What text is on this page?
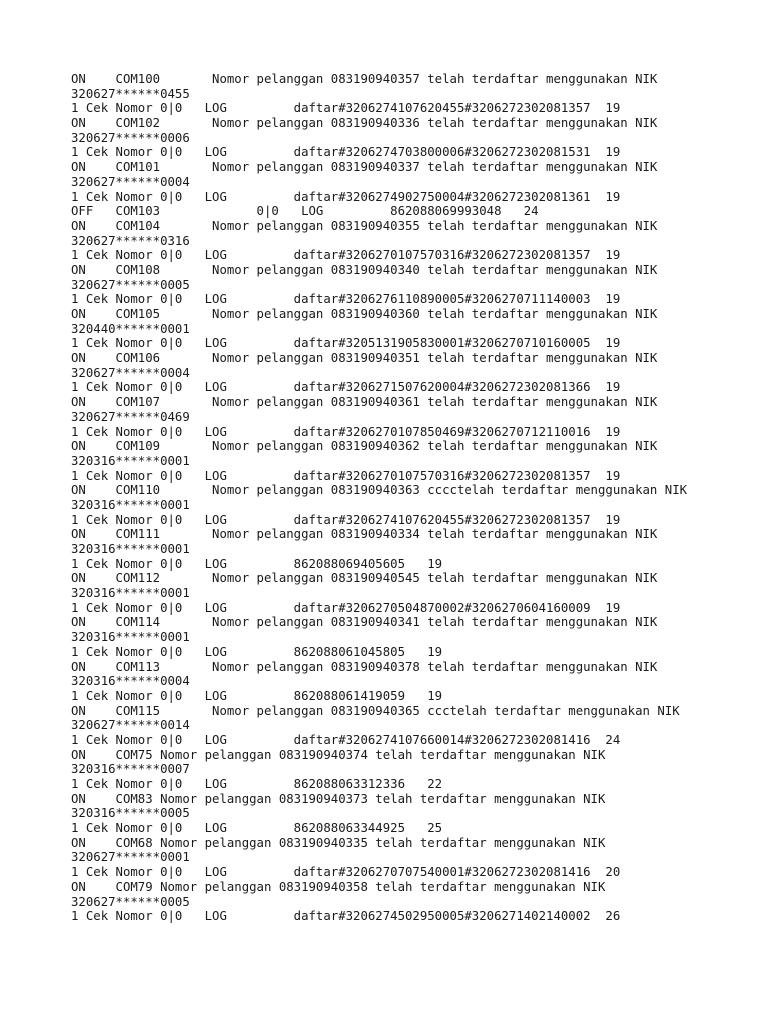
ON    COM100       Nomor pelanggan 083190940357 telah terdaftar menggunakan NIK
320627******0455
1 Cek Nomor 0|0   LOG         daftar#3206274107620455#3206272302081357  19
ON    COM102       Nomor pelanggan 083190940336 telah terdaftar menggunakan NIK
320627******0006
1 Cek Nomor 0|0   LOG         daftar#3206274703800006#3206272302081531  19
ON    COM101       Nomor pelanggan 083190940337 telah terdaftar menggunakan NIK
320627******0004
1 Cek Nomor 0|0   LOG         daftar#3206274902750004#3206272302081361  19
OFF   COM103             0|0   LOG         862088069993048   24
ON    COM104       Nomor pelanggan 083190940355 telah terdaftar menggunakan NIK
320627******0316
1 Cek Nomor 0|0   LOG         daftar#3206270107570316#3206272302081357  19
ON    COM108       Nomor pelanggan 083190940340 telah terdaftar menggunakan NIK
320627******0005
1 Cek Nomor 0|0   LOG         daftar#3206276110890005#3206270711140003  19
ON    COM105       Nomor pelanggan 083190940360 telah terdaftar menggunakan NIK
320440******0001
1 Cek Nomor 0|0   LOG         daftar#3205131905830001#3206270710160005  19
ON    COM106       Nomor pelanggan 083190940351 telah terdaftar menggunakan NIK
320627******0004
1 Cek Nomor 0|0   LOG         daftar#3206271507620004#3206272302081366  19
ON    COM107       Nomor pelanggan 083190940361 telah terdaftar menggunakan NIK
320627******0469
1 Cek Nomor 0|0   LOG         daftar#3206270107850469#3206270712110016  19
ON    COM109       Nomor pelanggan 083190940362 telah terdaftar menggunakan NIK
320316******0001
1 Cek Nomor 0|0   LOG         daftar#3206270107570316#3206272302081357  19
ON    COM110       Nomor pelanggan 083190940363 cccctelah terdaftar menggunakan NIK
320316******0001
1 Cek Nomor 0|0   LOG         daftar#3206274107620455#3206272302081357  19
ON    COM111       Nomor pelanggan 083190940334 telah terdaftar menggunakan NIK
320316******0001
1 Cek Nomor 0|0   LOG         862088069405605   19
ON    COM112       Nomor pelanggan 083190940545 telah terdaftar menggunakan NIK
320316******0001
1 Cek Nomor 0|0   LOG         daftar#3206270504870002#3206270604160009  19
ON    COM114       Nomor pelanggan 083190940341 telah terdaftar menggunakan NIK
320316******0001
1 Cek Nomor 0|0   LOG         862088061045805   19
ON    COM113       Nomor pelanggan 083190940378 telah terdaftar menggunakan NIK
320316******0004
1 Cek Nomor 0|0   LOG         862088061419059   19
ON    COM115       Nomor pelanggan 083190940365 ccctelah terdaftar menggunakan NIK
320627******0014
1 Cek Nomor 0|0   LOG         daftar#3206274107660014#3206272302081416  24
ON    COM75 Nomor pelanggan 083190940374 telah terdaftar menggunakan NIK
320316******0007
1 Cek Nomor 0|0   LOG         862088063312336   22
ON    COM83 Nomor pelanggan 083190940373 telah terdaftar menggunakan NIK
320316******0005
1 Cek Nomor 0|0   LOG         862088063344925   25
ON    COM68 Nomor pelanggan 083190940335 telah terdaftar menggunakan NIK
320627******0001
1 Cek Nomor 0|0   LOG         daftar#3206270707540001#3206272302081416  20
ON    COM79 Nomor pelanggan 083190940358 telah terdaftar menggunakan NIK
320627******0005
1 Cek Nomor 0|0   LOG         daftar#3206274502950005#3206271402140002  26
